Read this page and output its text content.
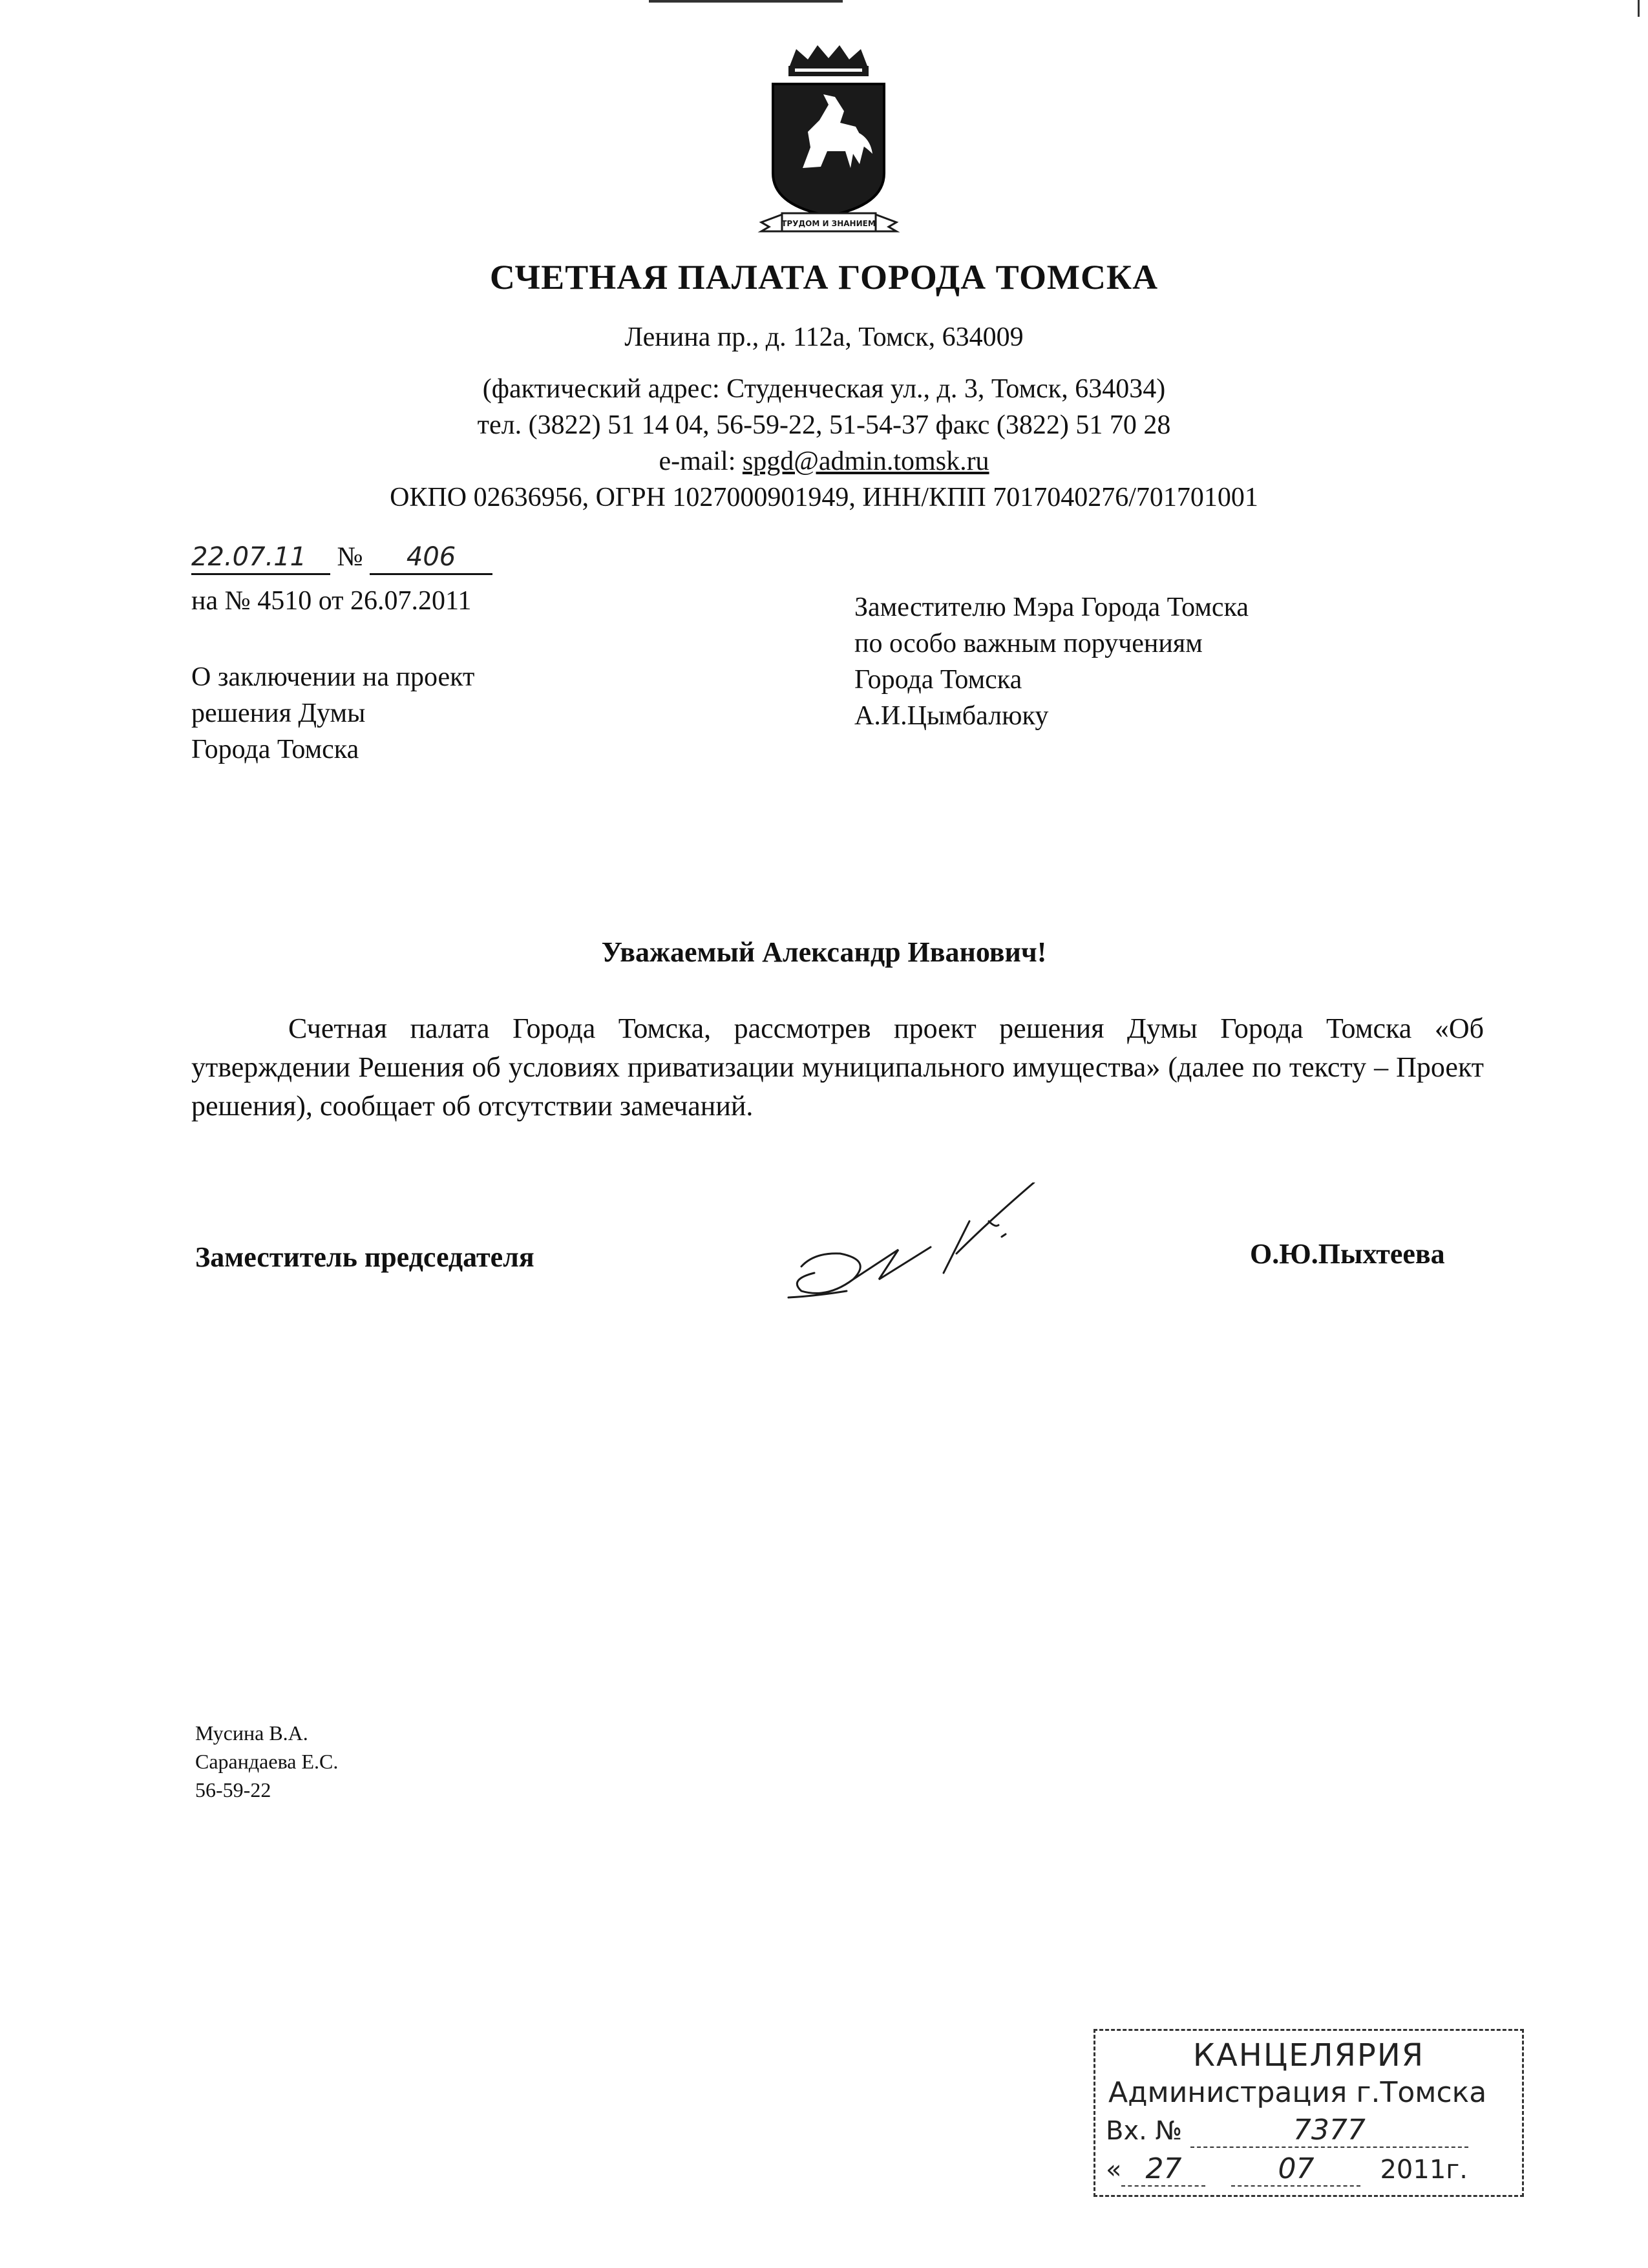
ТРУДОМ И ЗНАНИЕМ
СЧЕТНАЯ ПАЛАТА ГОРОДА ТОМСКА
Ленина пр., д. 112а, Томск, 634009
(фактический адрес: Студенческая ул., д. 3, Томск, 634034)
тел. (3822) 51 14 04, 56-59-22, 51-54-37 факс (3822) 51 70 28
e-mail: spgd@admin.tomsk.ru
ОКПО 02636956, ОГРН 1027000901949, ИНН/КПП 7017040276/701701001
22.07.11 № 406
на № 4510 от 26.07.2011
О заключении на проект
решения Думы
Города Томска
Заместителю Мэра Города Томска
по особо важным поручениям
Города Томска
А.И.Цымбалюку
Уважаемый Александр Иванович!
Счетная палата Города Томска, рассмотрев проект решения Думы Города Томска «Об утверждении Решения об условиях приватизации муниципального имущества» (далее по тексту – Проект решения), сообщает об отсутствии замечаний.
Заместитель председателя	О.Ю.Пыхтеева
Мусина В.А.
Сарандаева Е.С.
56-59-22
КАНЦЕЛЯРИЯ
Администрация г.Томска
Вх. №	7377
« 27	07	2011г.
